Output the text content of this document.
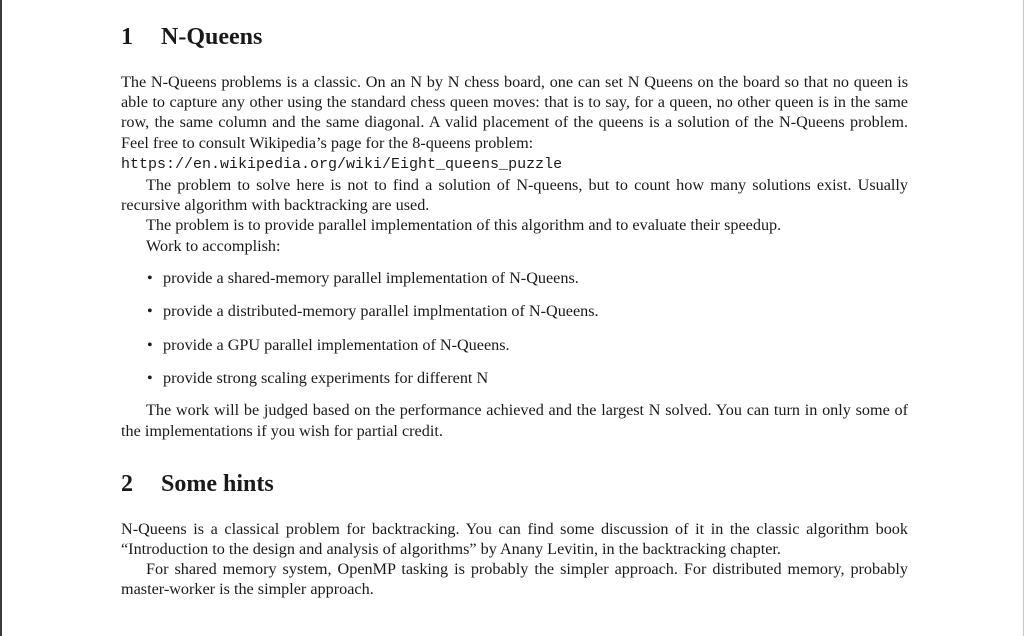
1	N-Queens

The N-Queens problems is a classic. On an N by N chess board, one can set N Queens on the board so that no queen is able to capture any other using the standard chess queen moves: that is to say, for a queen, no other queen is in the same row, the same column and the same diagonal. A valid placement of the queens is a solution of the N-Queens problem. Feel free to consult Wikipedia’s page for the 8-queens problem:
https://en.wikipedia.org/wiki/Eight_queens_puzzle

The problem to solve here is not to find a solution of N-queens, but to count how many solutions exist. Usually recursive algorithm with backtracking are used.

The problem is to provide parallel implementation of this algorithm and to evaluate their speedup.

Work to accomplish:

• provide a shared-memory parallel implementation of N-Queens.
• provide a distributed-memory parallel implmentation of N-Queens.
• provide a GPU parallel implementation of N-Queens.
• provide strong scaling experiments for different N

The work will be judged based on the performance achieved and the largest N solved. You can turn in only some of the implementations if you wish for partial credit.

2	Some hints

N-Queens is a classical problem for backtracking. You can find some discussion of it in the classic algorithm book “Introduction to the design and analysis of algorithms” by Anany Levitin, in the backtracking chapter.

For shared memory system, OpenMP tasking is probably the simpler approach. For distributed memory, probably master-worker is the simpler approach.
